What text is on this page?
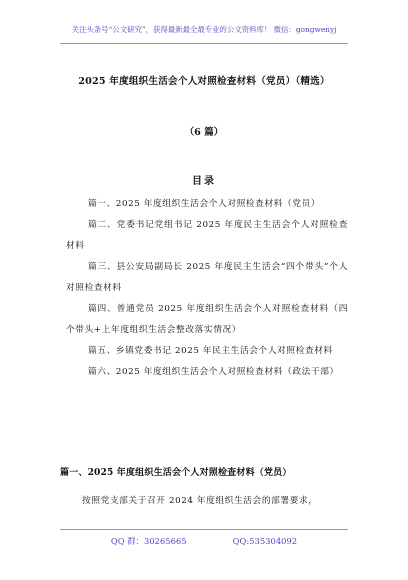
关注头条号“公文研究”，获得最新最全最专业的公文资料库！ 微信：gongwenyj
2025 年度组织生活会个人对照检查材料（党员）（精选）
（6 篇）
目录
篇一、2025 年度组织生活会个人对照检查材料（党员）
篇二、党委书记党组书记 2025 年度民主生活会个人对照检查材料
篇三、县公安局副局长 2025 年度民主生活会“四个带头”个人对照检查材料
篇四、普通党员 2025 年度组织生活会个人对照检查材料（四个带头+上年度组织生活会整改落实情况）
篇五、乡镇党委书记 2025 年民主生活会个人对照检查材料
篇六、2025 年度组织生活会个人对照检查材料（政法干部）
篇一、2025 年度组织生活会个人对照检查材料（党员）
按照党支部关于召开 2024 年度组织生活会的部署要求，
QQ 群：30265665	QQ:535304092
